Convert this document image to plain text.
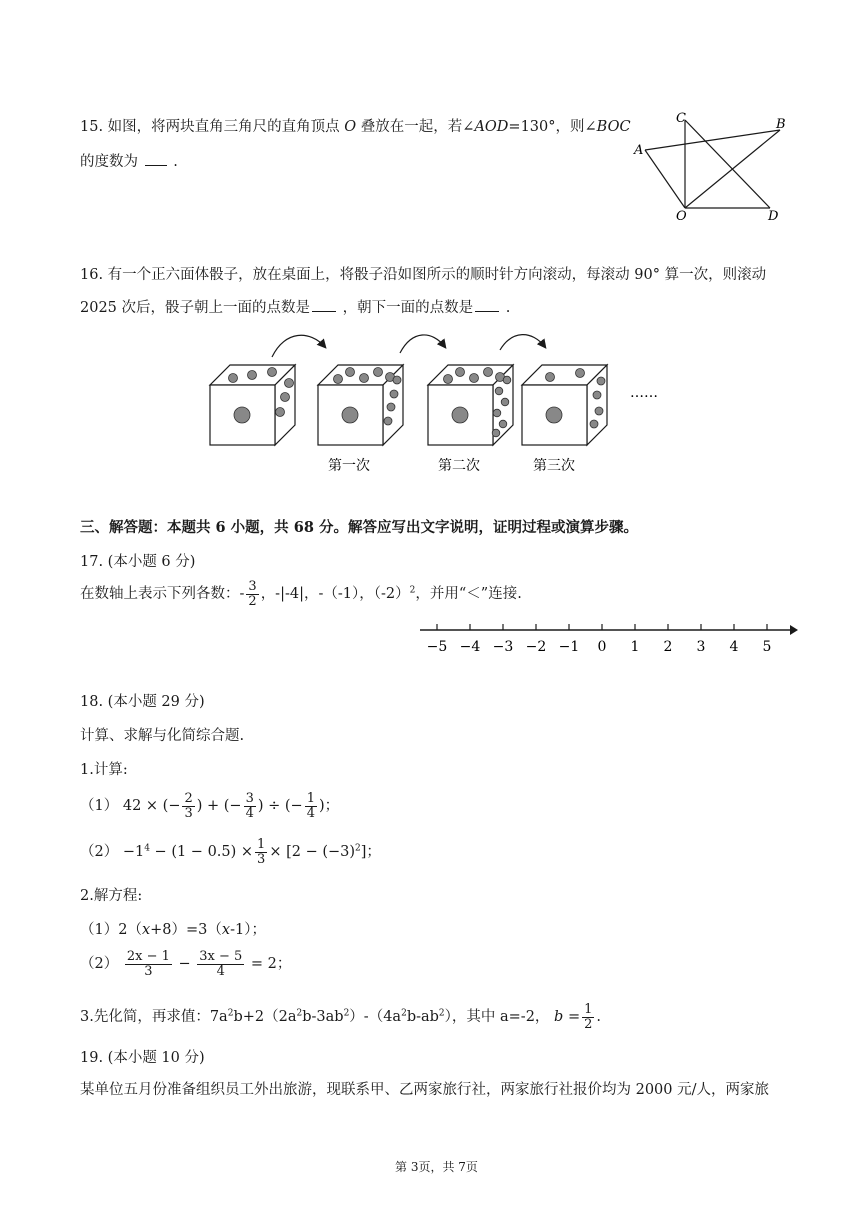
15. 如图，将两块直角三角尺的直角顶点 O 叠放在一起，若∠AOD=130°，则∠BOC
的度数为 .
C	B
A
O	D
16. 有一个正六面体骰子，放在桌面上，将骰子沿如图所示的顺时针方向滚动，每滚动 90° 算一次，则滚动
2025 次后，骰子朝上一面的点数是 ，朝下一面的点数是 .
……
第一次	第二次	第三次
三、解答题：本题共 6 小题，共 68 分。解答应写出文字说明，证明过程或演算步骤。
17. (本小题 6 分)
在数轴上表示下列各数：- $\frac{3}{2}$ ，-|-4|，-（-1），$(-2)^2$，并用“＜”连接.
−5 −4 −3 −2 −1 0 1 2 3 4 5
18. (本小题 29 分)
计算、求解与化简综合题.
1.计算:
（1） 42 × (− $\frac{2}{3}$ ) + (− $\frac{3}{4}$ ) ÷ (− $\frac{1}{4}$ )；
$(2) -1^4 - (1 - 0.5) \times \frac{1}{3} \times [2 - (-3)^2]$；
2.解方程:
（1）2（x+8）=3（x-1）；
$(2) \frac{2x - 1}{3} - \frac{3x - 5}{4} = 2$；
3.先化简，再求值：$7a^2b+2(2a^2b-3ab^2)-(4a^2b-ab^2)$，其中 a=-2， $b = \frac{1}{2}$ .
19. (本小题 10 分)
某单位五月份准备组织员工外出旅游，现联系甲、乙两家旅行社，两家旅行社报价均为 2000 元/人，两家旅
第 3页，共 7页
